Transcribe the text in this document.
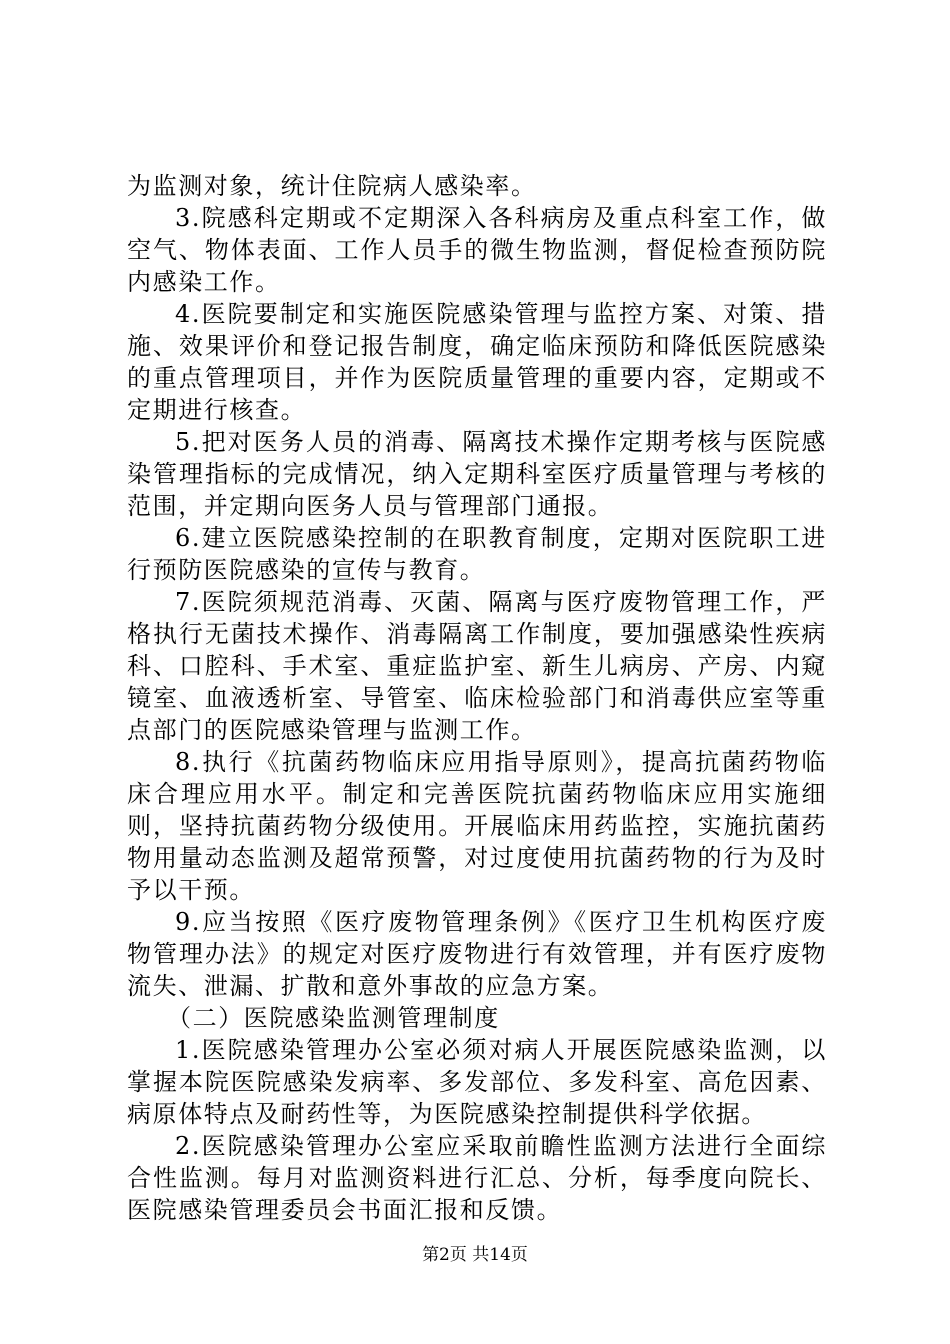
为监测对象，统计住院病人感染率。

3.院感科定期或不定期深入各科病房及重点科室工作，做空气、物体表面、工作人员手的微生物监测，督促检查预防院内感染工作。

4.医院要制定和实施医院感染管理与监控方案、对策、措施、效果评价和登记报告制度，确定临床预防和降低医院感染的重点管理项目，并作为医院质量管理的重要内容，定期或不定期进行核查。

5.把对医务人员的消毒、隔离技术操作定期考核与医院感染管理指标的完成情况，纳入定期科室医疗质量管理与考核的范围，并定期向医务人员与管理部门通报。

6.建立医院感染控制的在职教育制度，定期对医院职工进行预防医院感染的宣传与教育。

7.医院须规范消毒、灭菌、隔离与医疗废物管理工作，严格执行无菌技术操作、消毒隔离工作制度，要加强感染性疾病科、口腔科、手术室、重症监护室、新生儿病房、产房、内窥镜室、血液透析室、导管室、临床检验部门和消毒供应室等重点部门的医院感染管理与监测工作。

8.执行《抗菌药物临床应用指导原则》，提高抗菌药物临床合理应用水平。制定和完善医院抗菌药物临床应用实施细则，坚持抗菌药物分级使用。开展临床用药监控，实施抗菌药物用量动态监测及超常预警，对过度使用抗菌药物的行为及时予以干预。

9.应当按照《医疗废物管理条例》《医疗卫生机构医疗废物管理办法》的规定对医疗废物进行有效管理，并有医疗废物流失、泄漏、扩散和意外事故的应急方案。

（二）医院感染监测管理制度

1.医院感染管理办公室必须对病人开展医院感染监测，以掌握本院医院感染发病率、多发部位、多发科室、高危因素、病原体特点及耐药性等，为医院感染控制提供科学依据。

2.医院感染管理办公室应采取前瞻性监测方法进行全面综合性监测。每月对监测资料进行汇总、分析，每季度向院长、医院感染管理委员会书面汇报和反馈。

第2页 共14页
